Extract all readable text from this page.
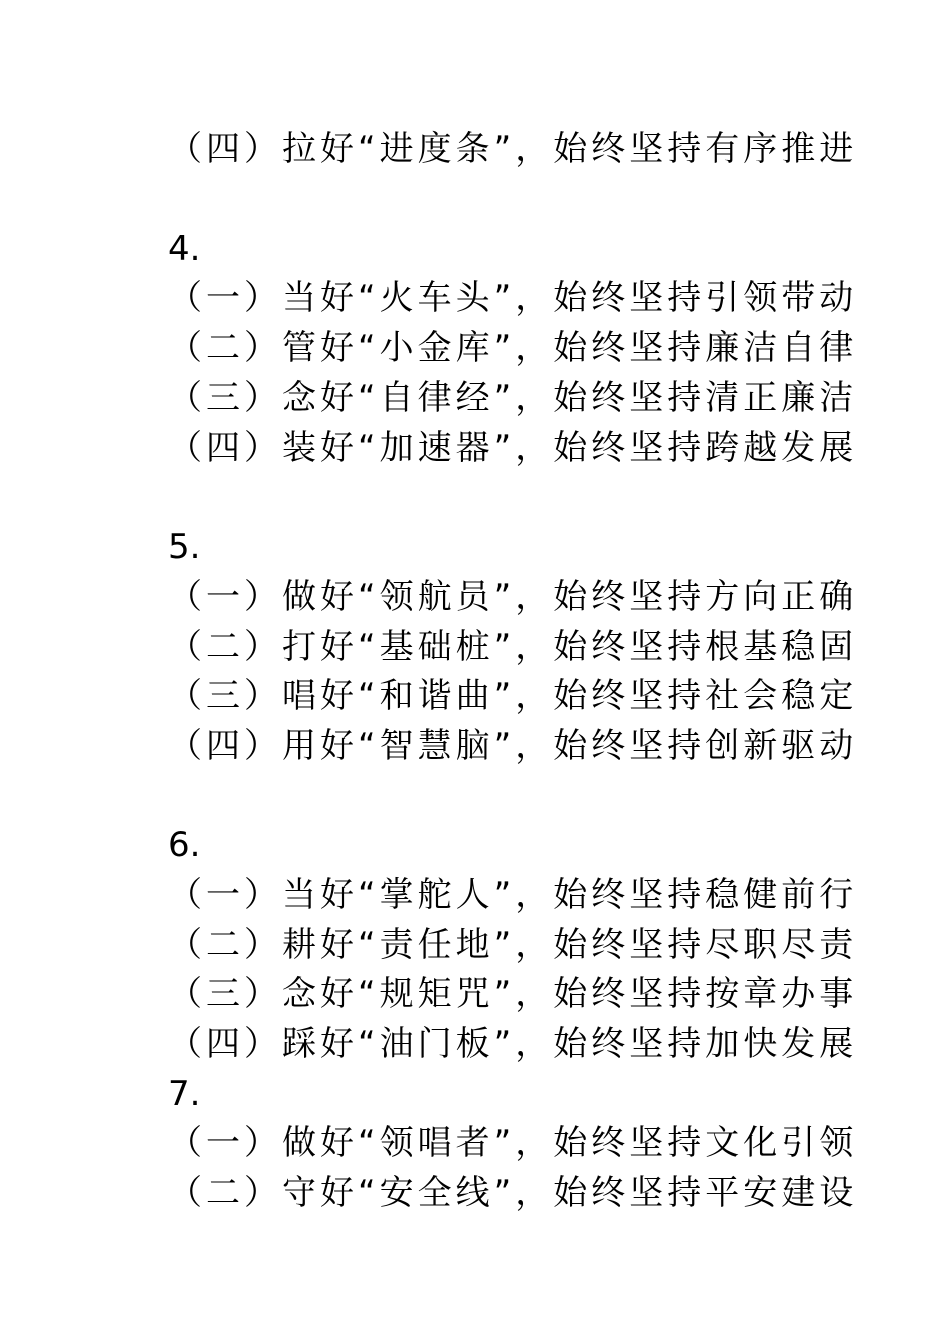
（四）拉好“进度条”，始终坚持有序推进
4.
（一）当好“火车头”，始终坚持引领带动
（二）管好“小金库”，始终坚持廉洁自律
（三）念好“自律经”，始终坚持清正廉洁
（四）装好“加速器”，始终坚持跨越发展
5.
（一）做好“领航员”，始终坚持方向正确
（二）打好“基础桩”，始终坚持根基稳固
（三）唱好“和谐曲”，始终坚持社会稳定
（四）用好“智慧脑”，始终坚持创新驱动
6.
（一）当好“掌舵人”，始终坚持稳健前行
（二）耕好“责任地”，始终坚持尽职尽责
（三）念好“规矩咒”，始终坚持按章办事
（四）踩好“油门板”，始终坚持加快发展
7.
（一）做好“领唱者”，始终坚持文化引领
（二）守好“安全线”，始终坚持平安建设
